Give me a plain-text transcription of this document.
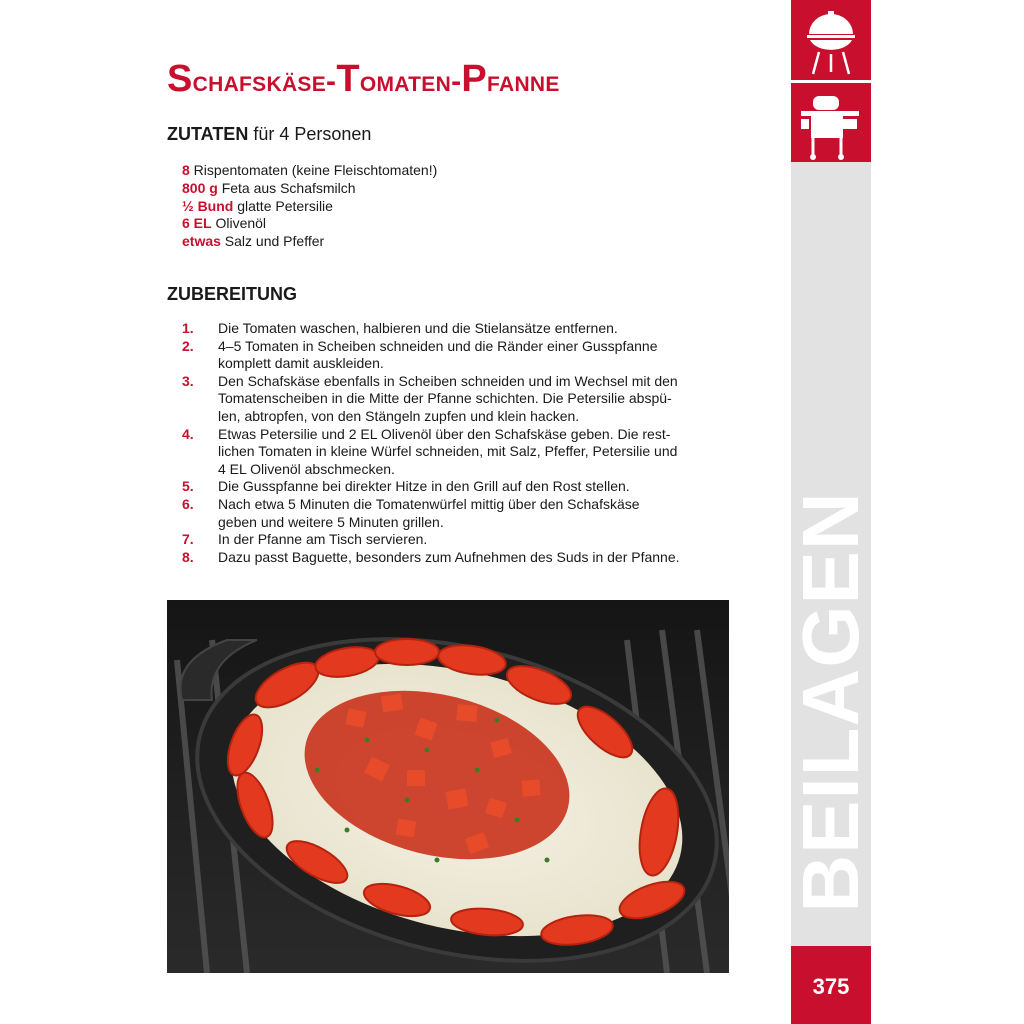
Schafskäse-Tomaten-Pfanne
ZUTATEN für 4 Personen
8 Rispentomaten (keine Fleischtomaten!)
800 g Feta aus Schafsmilch
½ Bund glatte Petersilie
6 EL Olivenöl
etwas Salz und Pfeffer
ZUBEREITUNG
1. Die Tomaten waschen, halbieren und die Stielansätze entfernen.
2. 4–5 Tomaten in Scheiben schneiden und die Ränder einer Gusspfanne
komplett damit auskleiden.
3. Den Schafskäse ebenfalls in Scheiben schneiden und im Wechsel mit den
Tomatenscheiben in die Mitte der Pfanne schichten. Die Petersilie abspü-
len, abtropfen, von den Stängeln zupfen und klein hacken.
4. Etwas Petersilie und 2 EL Olivenöl über den Schafskäse geben. Die rest-
lichen Tomaten in kleine Würfel schneiden, mit Salz, Pfeffer, Petersilie und
4 EL Olivenöl abschmecken.
5. Die Gusspfanne bei direkter Hitze in den Grill auf den Rost stellen.
6. Nach etwa 5 Minuten die Tomatenwürfel mittig über den Schafskäse
geben und weitere 5 Minuten grillen.
7. In der Pfanne am Tisch servieren.
8. Dazu passt Baguette, besonders zum Aufnehmen des Suds in der Pfanne.	BEILAGEN
375
